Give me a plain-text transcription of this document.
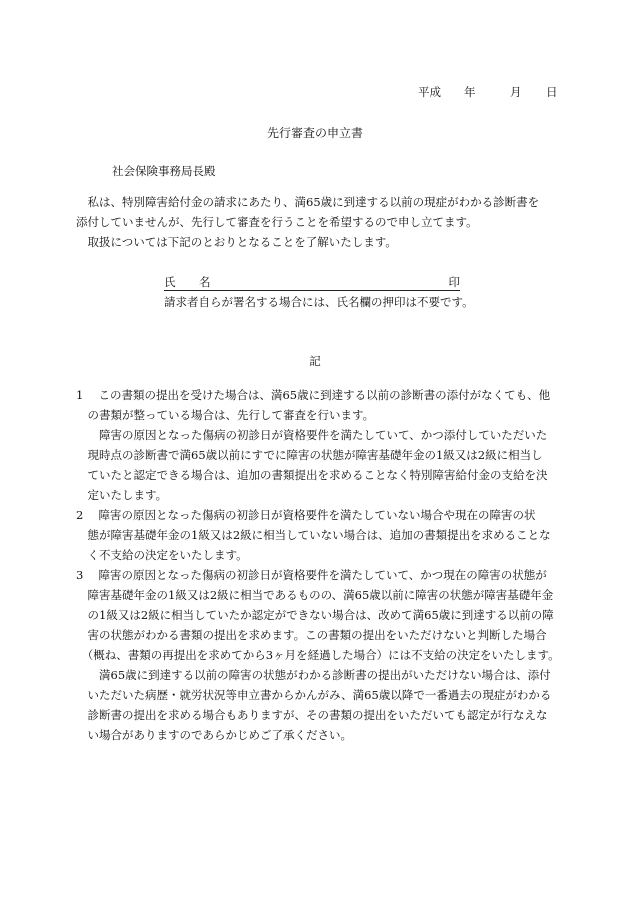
平成 年	月 日
先行審査の申立書
社会保険事務局長殿
　私は、特別障害給付金の請求にあたり、満65歳に到達する以前の現症がわかる診断書を
添付していませんが、先行して審査を行うことを希望するので申し立てます。
　取扱については下記のとおりとなることを了解いたします。
氏　名	印
請求者自らが署名する場合には、氏名欄の押印は不要です。
記
1　 この書類の提出を受けた場合は、満65歳に到達する以前の診断書の添付がなくても、他
　の書類が整っている場合は、先行して審査を行います。
　　障害の原因となった傷病の初診日が資格要件を満たしていて、かつ添付していただいた
　現時点の診断書で満65歳以前にすでに障害の状態が障害基礎年金の1級又は2級に相当し
　ていたと認定できる場合は、追加の書類提出を求めることなく特別障害給付金の支給を決
　定いたします。
2　 障害の原因となった傷病の初診日が資格要件を満たしていない場合や現在の障害の状
　態が障害基礎年金の1級又は2級に相当していない場合は、追加の書類提出を求めることな
　く不支給の決定をいたします。
3　 障害の原因となった傷病の初診日が資格要件を満たしていて、かつ現在の障害の状態が
　障害基礎年金の1級又は2級に相当であるものの、満65歳以前に障害の状態が障害基礎年金
　の1級又は2級に相当していたか認定ができない場合は、改めて満65歳に到達する以前の障
　害の状態がわかる書類の提出を求めます。この書類の提出をいただけないと判断した場合
　（概ね、書類の再提出を求めてから3ヶ月を経過した場合）には不支給の決定をいたします。
　　満65歳に到達する以前の障害の状態がわかる診断書の提出がいただけない場合は、添付
　いただいた病歴・就労状況等申立書からかんがみ、満65歳以降で一番過去の現症がわかる
　診断書の提出を求める場合もありますが、その書類の提出をいただいても認定が行なえな
　い場合がありますのであらかじめご了承ください。
